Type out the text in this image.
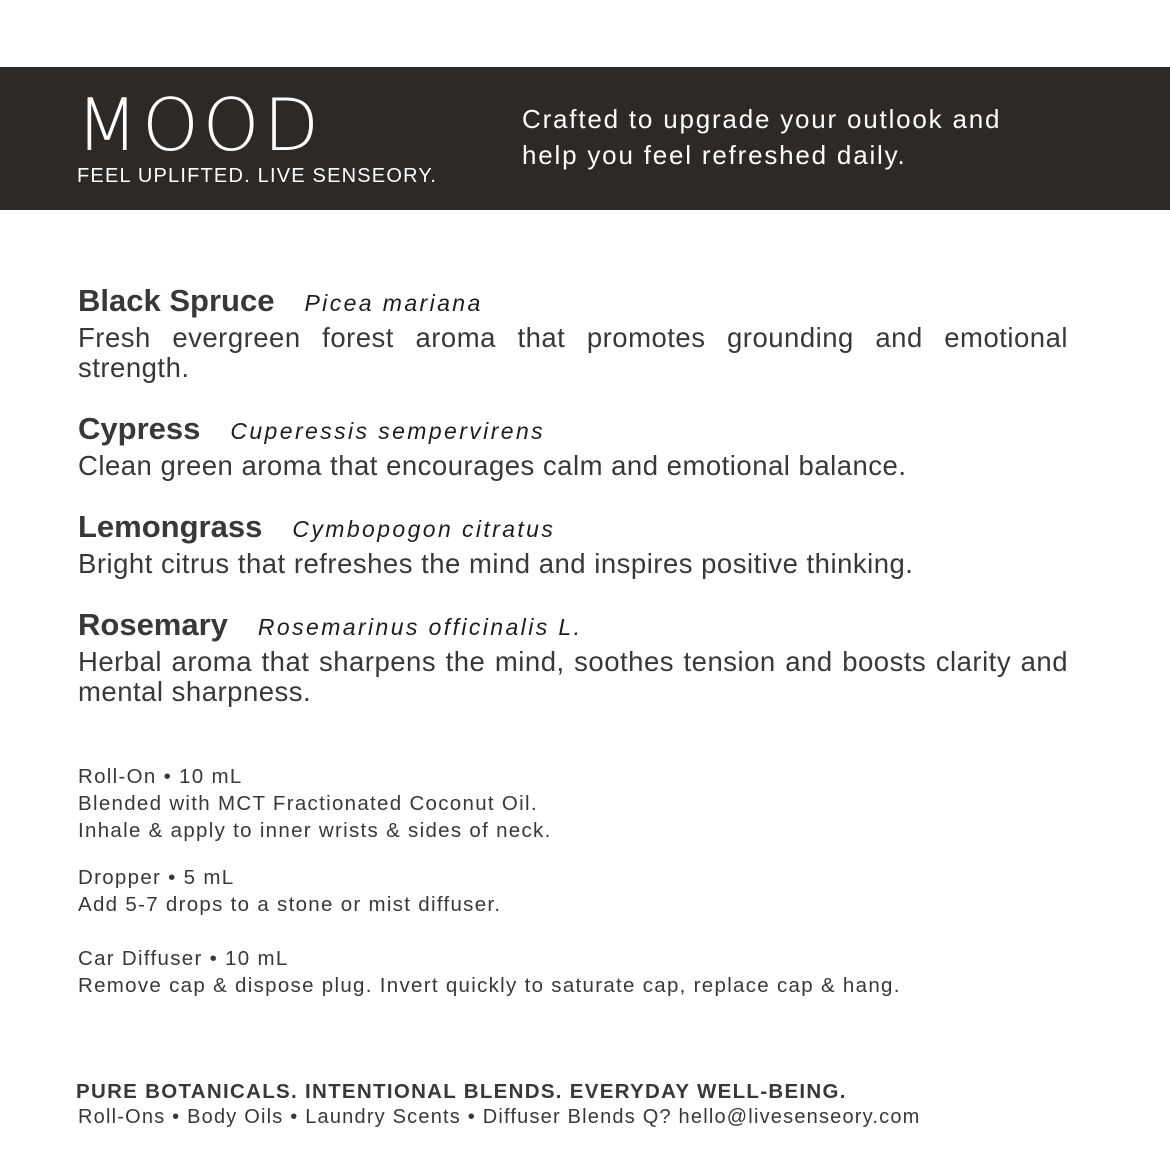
MOOD
FEEL UPLIFTED. LIVE SENSEORY.
Crafted to upgrade your outlook and
help you feel refreshed daily.
Black Spruce Picea mariana
Fresh evergreen forest aroma that promotes grounding and emotional strength.
Cypress Cuperessis sempervirens
Clean green aroma that encourages calm and emotional balance.
Lemongrass Cymbopogon citratus
Bright citrus that refreshes the mind and inspires positive thinking.
Rosemary Rosemarinus officinalis L.
Herbal aroma that sharpens the mind, soothes tension and boosts clarity and mental sharpness.
Roll-On • 10 mL
Blended with MCT Fractionated Coconut Oil.
Inhale & apply to inner wrists & sides of neck.
Dropper • 5 mL
Add 5-7 drops to a stone or mist diffuser.
Car Diffuser • 10 mL
Remove cap & dispose plug. Invert quickly to saturate cap, replace cap & hang.
PURE BOTANICALS. INTENTIONAL BLENDS. EVERYDAY WELL-BEING.
Roll-Ons • Body Oils • Laundry Scents • Diffuser Blends Q? hello@livesenseory.com
